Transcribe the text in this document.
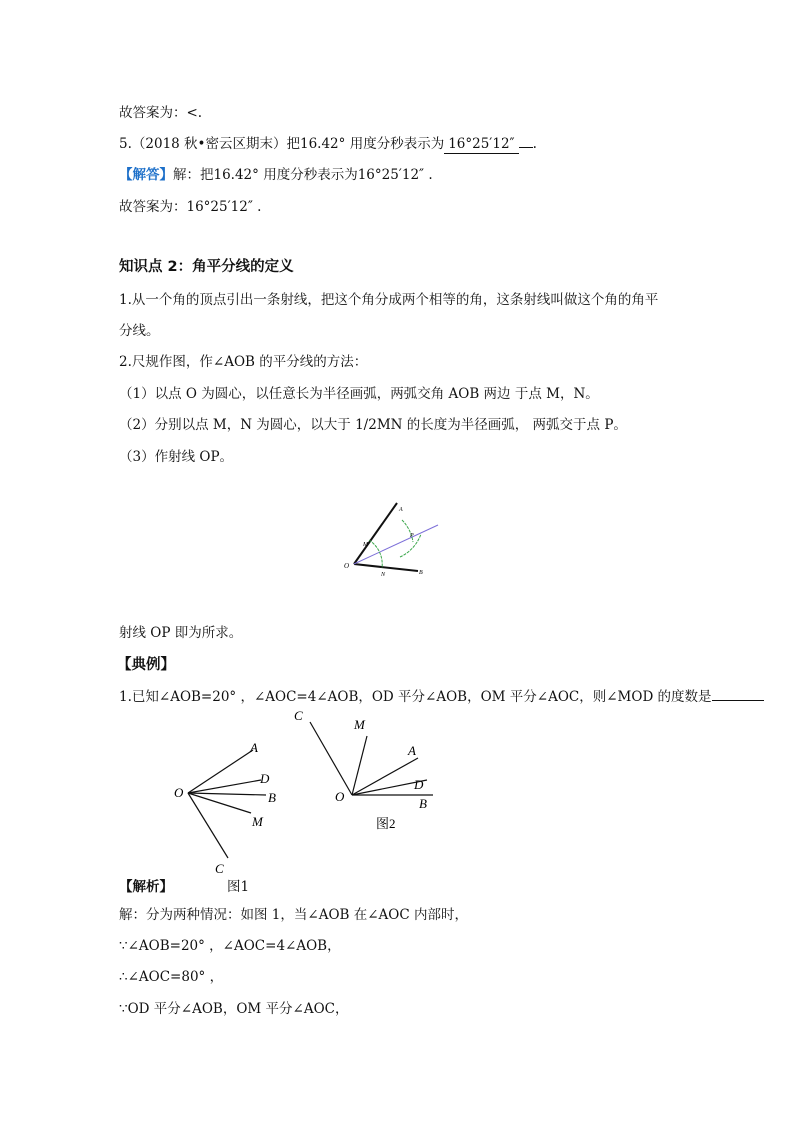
故答案为：<.
5.（2018 秋•密云区期末）把16.42° 用度分秒表示为 16°25′12″ .
【解答】解：把16.42° 用度分秒表示为16°25′12″ .
故答案为：16°25′12″ .
知识点 2：角平分线的定义
1.从一个角的顶点引出一条射线，把这个角分成两个相等的角，这条射线叫做这个角的角平
分线。
2.尺规作图，作∠AOB 的平分线的方法：
（1）以点 O 为圆心，以任意长为半径画弧，两弧交角 AOB 两边 于点 M，N。
（2）分别以点 M，N 为圆心，以大于 1/2MN 的长度为半径画弧， 两弧交于点 P。
（3）作射线 OP。
O
A
B
M
N
P
射线 OP 即为所求。
【典例】
1.已知∠AOB=20° ，∠AOC=4∠AOB，OD 平分∠AOB，OM 平分∠AOC，则∠MOD 的度数是
O
A
D
B
M
C
C
M
A
D
O	B
图2
【解析】	图1
解：分为两种情况：如图 1，当∠AOB 在∠AOC 内部时，
∵∠AOB=20° ，∠AOC=4∠AOB，
∴∠AOC=80° ，
∵OD 平分∠AOB，OM 平分∠AOC，
